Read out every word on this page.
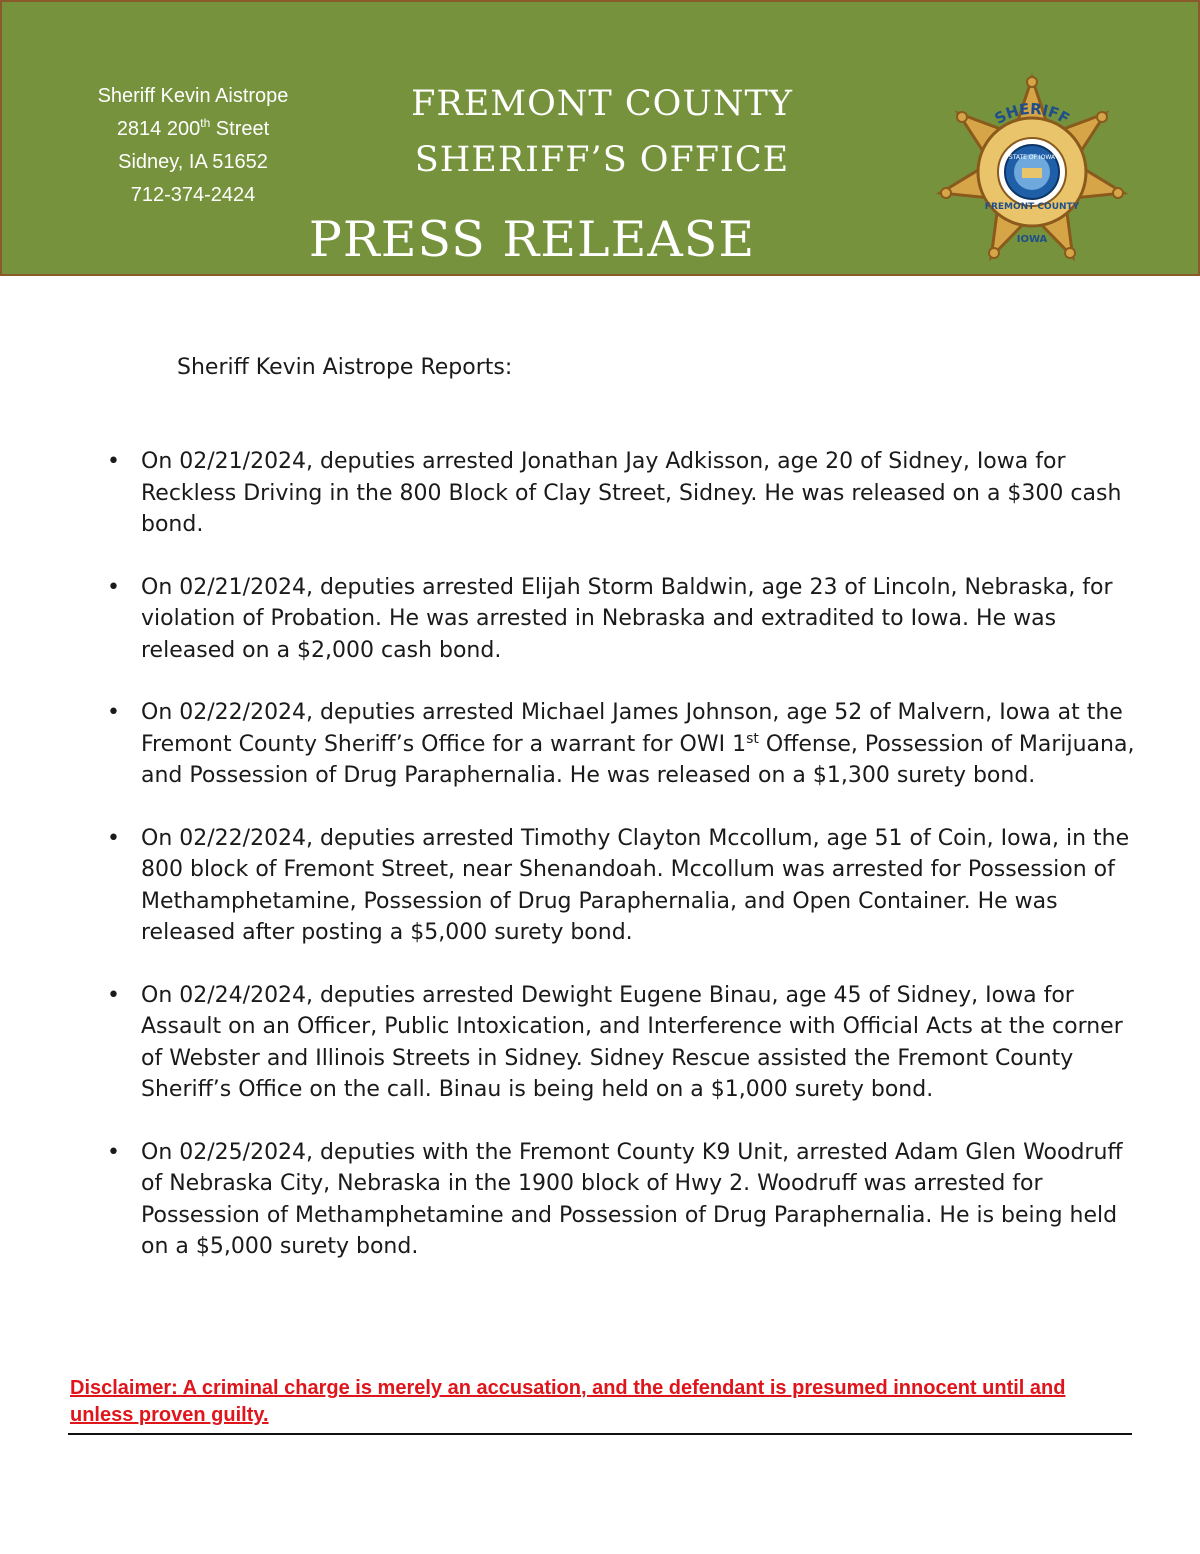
Sheriff Kevin Aistrope
2814 200th Street
Sidney, IA 51652
712-374-2424
FREMONT COUNTY
SHERIFF’S OFFICE
PRESS RELEASE
STATE OF IOWA
SHERIFF
FREMONT COUNTY
IOWA

Sheriff Kevin Aistrope Reports:

• On 02/21/2024, deputies arrested Jonathan Jay Adkisson, age 20 of Sidney, Iowa for Reckless Driving in the 800 Block of Clay Street, Sidney. He was released on a $300 cash bond.
• On 02/21/2024, deputies arrested Elijah Storm Baldwin, age 23 of Lincoln, Nebraska, for violation of Probation. He was arrested in Nebraska and extradited to Iowa. He was released on a $2,000 cash bond.
• On 02/22/2024, deputies arrested Michael James Johnson, age 52 of Malvern, Iowa at the Fremont County Sheriff’s Office for a warrant for OWI 1st Offense, Possession of Marijuana, and Possession of Drug Paraphernalia. He was released on a $1,300 surety bond.
• On 02/22/2024, deputies arrested Timothy Clayton Mccollum, age 51 of Coin, Iowa, in the 800 block of Fremont Street, near Shenandoah. Mccollum was arrested for Possession of Methamphetamine, Possession of Drug Paraphernalia, and Open Container. He was released after posting a $5,000 surety bond.
• On 02/24/2024, deputies arrested Dewight Eugene Binau, age 45 of Sidney, Iowa for Assault on an Officer, Public Intoxication, and Interference with Official Acts at the corner of Webster and Illinois Streets in Sidney. Sidney Rescue assisted the Fremont County Sheriff’s Office on the call. Binau is being held on a $1,000 surety bond.
• On 02/25/2024, deputies with the Fremont County K9 Unit, arrested Adam Glen Woodruff of Nebraska City, Nebraska in the 1900 block of Hwy 2. Woodruff was arrested for Possession of Methamphetamine and Possession of Drug Paraphernalia. He is being held on a $5,000 surety bond.

Disclaimer: A criminal charge is merely an accusation, and the defendant is presumed innocent until and unless proven guilty.
